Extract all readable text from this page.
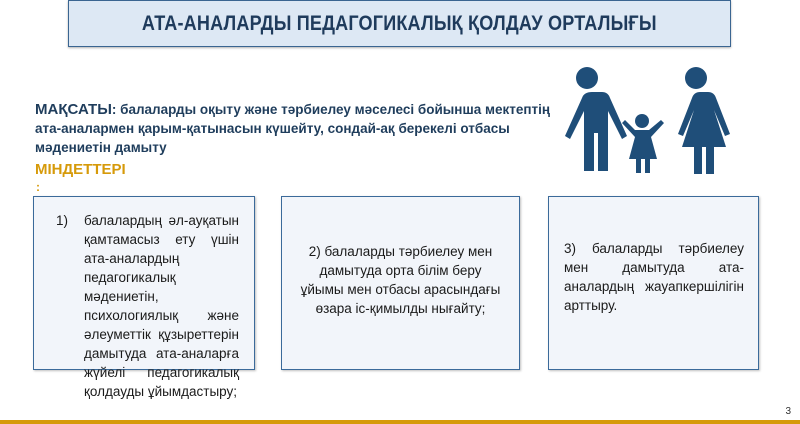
АТА-АНАЛАРДЫ ПЕДАГОГИКАЛЫҚ ҚОЛДАУ ОРТАЛЫҒЫ
МАҚСАТЫ: балаларды оқыту және тәрбиелеу мәселесі бойынша мектептің ата-аналармен қарым-қатынасын күшейту, сондай-ақ берекелі отбасы мәдениетін дамыту
МІНДЕТТЕРІ
:
1) балалардың әл-ауқатын қамтамасыз ету үшін ата-аналардың педагогикалық мәдениетін, психологиялық және әлеуметтік құзыреттерін дамытуда ата-аналарға жүйелі педагогикалық қолдауды ұйымдастыру;
2) балаларды тәрбиелеу мен дамытуда орта білім беру ұйымы мен отбасы арасындағы өзара іс-қимылды нығайту;
3) балаларды тәрбиелеу мен дамытуда ата-аналардың жауапкершілігін арттыру.
3
